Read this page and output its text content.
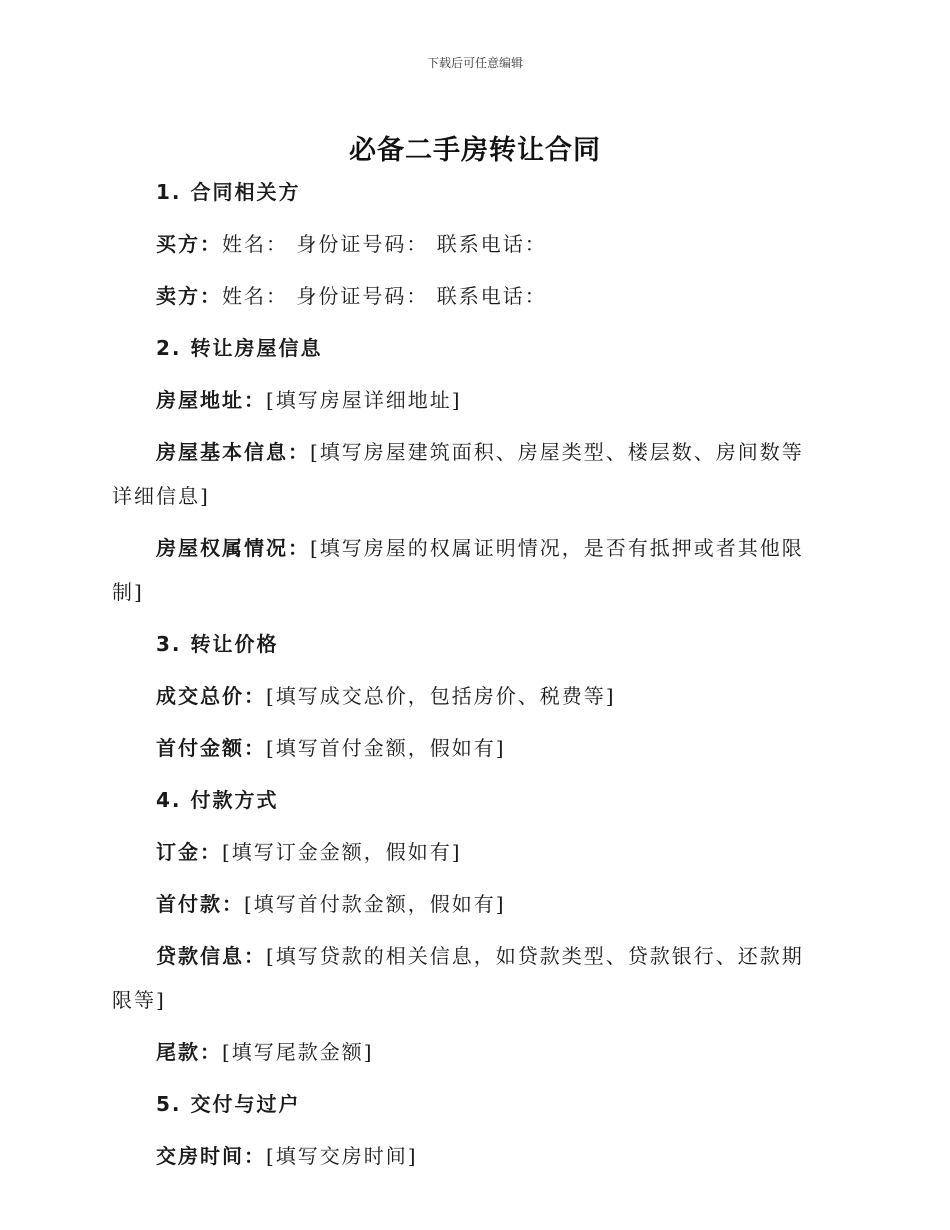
下载后可任意编辑
必备二手房转让合同
1. 合同相关方
买方：姓名： 身份证号码： 联系电话：
卖方：姓名： 身份证号码： 联系电话：
2. 转让房屋信息
房屋地址：[填写房屋详细地址]
房屋基本信息：[填写房屋建筑面积、房屋类型、楼层数、房间数等详细信息]
房屋权属情况：[填写房屋的权属证明情况，是否有抵押或者其他限制]
3. 转让价格
成交总价：[填写成交总价，包括房价、税费等]
首付金额：[填写首付金额，假如有]
4. 付款方式
订金：[填写订金金额，假如有]
首付款：[填写首付款金额，假如有]
贷款信息：[填写贷款的相关信息，如贷款类型、贷款银行、还款期限等]
尾款：[填写尾款金额]
5. 交付与过户
交房时间：[填写交房时间]
